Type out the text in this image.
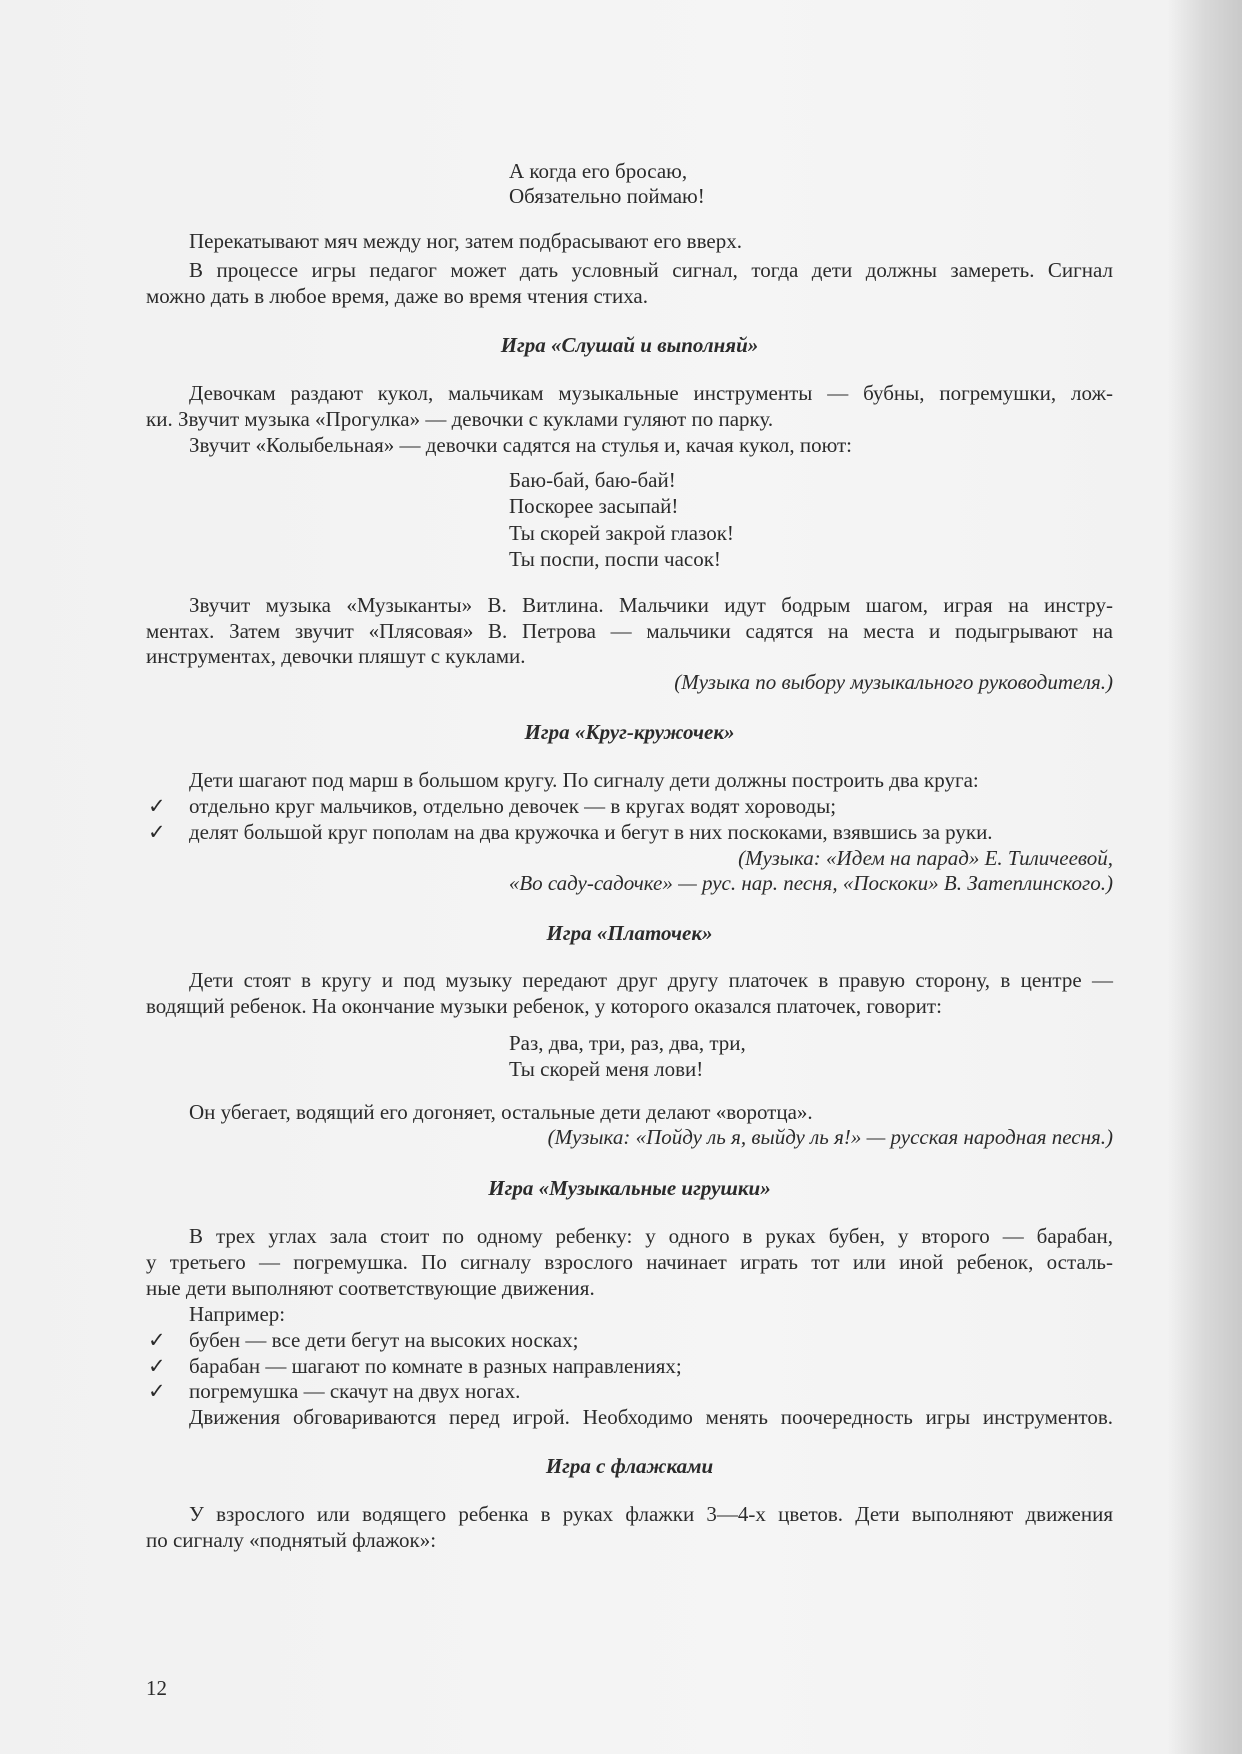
А когда его бросаю,
Обязательно поймаю!
Перекатывают мяч между ног, затем подбрасывают его вверх.
В процессе игры педагог может дать условный сигнал, тогда дети должны замереть. Сигнал
можно дать в любое время, даже во время чтения стиха.
Игра «Слушай и выполняй»
Девочкам раздают кукол, мальчикам музыкальные инструменты — бубны, погремушки, лож-
ки. Звучит музыка «Прогулка» — девочки с куклами гуляют по парку.
Звучит «Колыбельная» — девочки садятся на стулья и, качая кукол, поют:
Баю-бай, баю-бай!
Поскорее засыпай!
Ты скорей закрой глазок!
Ты поспи, поспи часок!
Звучит музыка «Музыканты» В. Витлина. Мальчики идут бодрым шагом, играя на инстру-
ментах. Затем звучит «Плясовая» В. Петрова — мальчики садятся на места и подыгрывают на
инструментах, девочки пляшут с куклами.
(Музыка по выбору музыкального руководителя.)
Игра «Круг-кружочек»
Дети шагают под марш в большом кругу. По сигналу дети должны построить два круга:
✓ отдельно круг мальчиков, отдельно девочек — в кругах водят хороводы;
✓ делят большой круг пополам на два кружочка и бегут в них поскоками, взявшись за руки.
(Музыка: «Идем на парад» Е. Тиличеевой,
«Во саду-садочке» — рус. нар. песня, «Поскоки» В. Затеплинского.)
Игра «Платочек»
Дети стоят в кругу и под музыку передают друг другу платочек в правую сторону, в центре —
водящий ребенок. На окончание музыки ребенок, у которого оказался платочек, говорит:
Раз, два, три, раз, два, три,
Ты скорей меня лови!
Он убегает, водящий его догоняет, остальные дети делают «воротца».
(Музыка: «Пойду ль я, выйду ль я!» — русская народная песня.)
Игра «Музыкальные игрушки»
В трех углах зала стоит по одному ребенку: у одного в руках бубен, у второго — барабан,
у третьего — погремушка. По сигналу взрослого начинает играть тот или иной ребенок, осталь-
ные дети выполняют соответствующие движения.
Например:
✓ бубен — все дети бегут на высоких носках;
✓ барабан — шагают по комнате в разных направлениях;
✓ погремушка — скачут на двух ногах.
Движения обговариваются перед игрой. Необходимо менять поочередность игры инструментов.
Игра с флажками
У взрослого или водящего ребенка в руках флажки 3—4-х цветов. Дети выполняют движения
по сигналу «поднятый флажок»:
12
